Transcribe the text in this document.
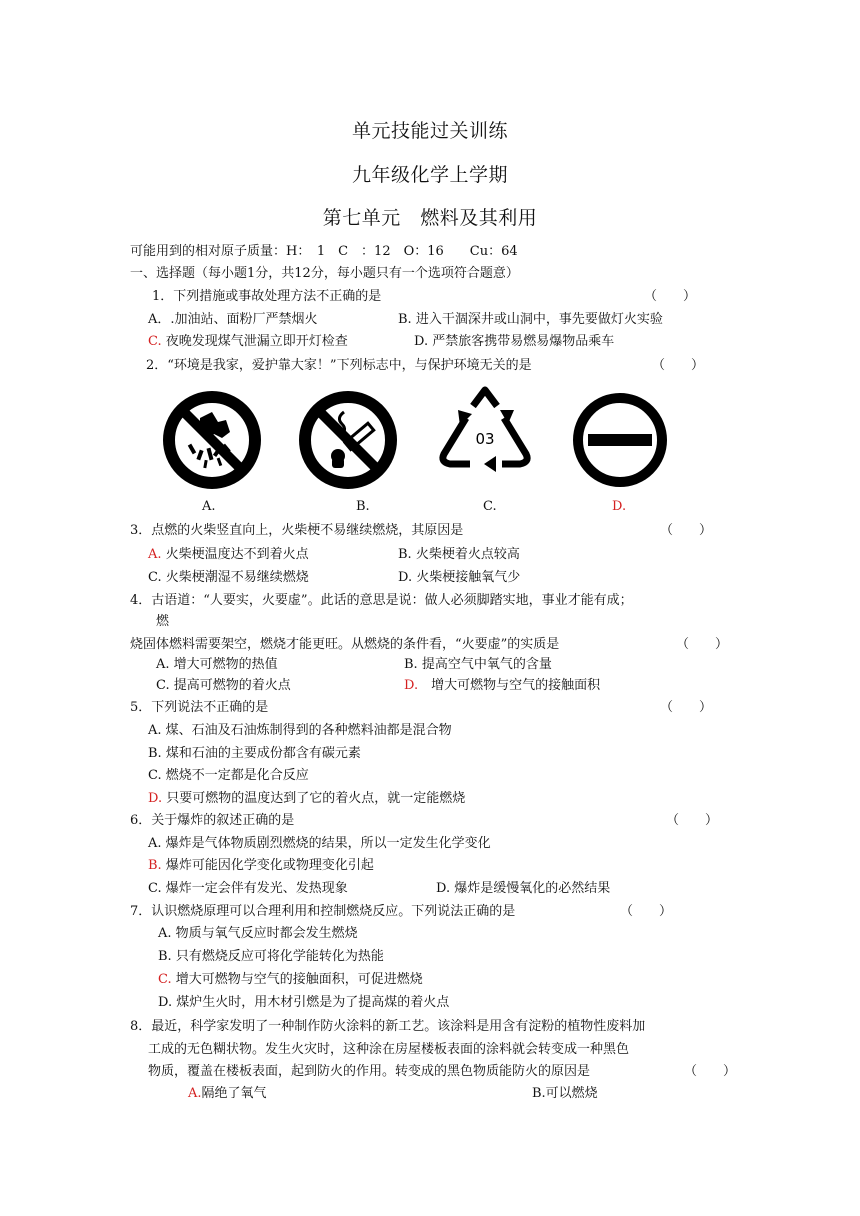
单元技能过关训练
九年级化学上学期
第七单元　燃料及其利用
可能用到的相对原子质量：H：　1　C　：12　O：16　　Cu：64
一、选择题（每小题1分，共12分，每小题只有一个选项符合题意）
1．下列措施或事故处理方法不正确的是	（　　）
A．.加油站、面粉厂严禁烟火	B. 进入干涸深井或山洞中，事先要做灯火实验
C. 夜晚发现煤气泄漏立即开灯检查	D. 严禁旅客携带易燃易爆物品乘车
2．“环境是我家，爱护靠大家！”下列标志中，与保护环境无关的是	（　　）
03
A.	B.	C.	D.
3．点燃的火柴竖直向上，火柴梗不易继续燃烧，其原因是	（　　）
A. 火柴梗温度达不到着火点	B. 火柴梗着火点较高
C. 火柴梗潮湿不易继续燃烧	D. 火柴梗接触氧气少
4．古语道：“人要实，火要虚”。此话的意思是说：做人必须脚踏实地，事业才能有成；
燃
烧固体燃料需要架空，燃烧才能更旺。从燃烧的条件看，“火要虚”的实质是	（　　）
A. 增大可燃物的热值	B. 提高空气中氧气的含量
C. 提高可燃物的着火点	D.　增大可燃物与空气的接触面积
5．下列说法不正确的是	（　　）
A. 煤、石油及石油炼制得到的各种燃料油都是混合物
B. 煤和石油的主要成份都含有碳元素
C. 燃烧不一定都是化合反应
D. 只要可燃物的温度达到了它的着火点，就一定能燃烧
6．关于爆炸的叙述正确的是	（　　）
A. 爆炸是气体物质剧烈燃烧的结果，所以一定发生化学变化
B. 爆炸可能因化学变化或物理变化引起
C. 爆炸一定会伴有发光、发热现象	D. 爆炸是缓慢氧化的必然结果
7．认识燃烧原理可以合理利用和控制燃烧反应。下列说法正确的是	（　　）
A. 物质与氧气反应时都会发生燃烧
B. 只有燃烧反应可将化学能转化为热能
C. 增大可燃物与空气的接触面积，可促进燃烧
D. 煤炉生火时，用木材引燃是为了提高煤的着火点
8．最近，科学家发明了一种制作防火涂料的新工艺。该涂料是用含有淀粉的植物性废料加
工成的无色糊状物。发生火灾时，这种涂在房屋楼板表面的涂料就会转变成一种黑色
物质，覆盖在楼板表面，起到防火的作用。转变成的黑色物质能防火的原因是	（　　）
A.隔绝了氧气	B.可以燃烧
